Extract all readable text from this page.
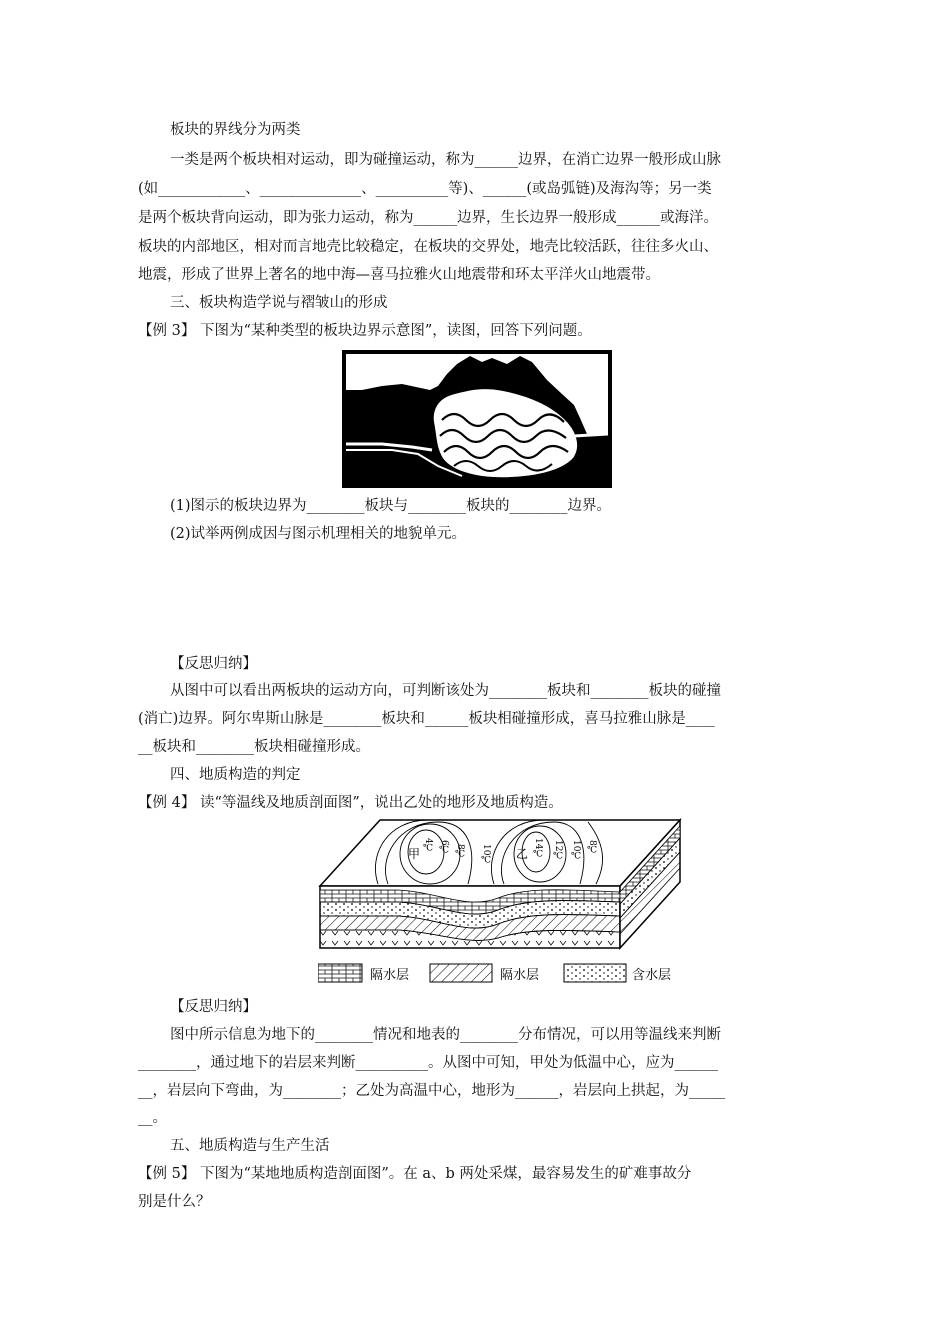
板块的界线分为两类
一类是两个板块相对运动，即为碰撞运动，称为______边界，在消亡边界一般形成山脉
(如____________、______________、__________等)、______(或岛弧链)及海沟等；另一类
是两个板块背向运动，即为张力运动，称为______边界，生长边界一般形成______或海洋。
板块的内部地区，相对而言地壳比较稳定，在板块的交界处，地壳比较活跃，往往多火山、
地震，形成了世界上著名的地中海—喜马拉雅火山地震带和环太平洋火山地震带。
三、板块构造学说与褶皱山的形成
【例 3】 下图为“某种类型的板块边界示意图”，读图，回答下列问题。
(1)图示的板块边界为________板块与________板块的________边界。
(2)试举两例成因与图示机理相关的地貌单元。
【反思归纳】
从图中可以看出两板块的运动方向，可判断该处为________板块和________板块的碰撞
(消亡)边界。阿尔卑斯山脉是________板块和______板块相碰撞形成，喜马拉雅山脉是____
__板块和________板块相碰撞形成。
四、地质构造的判定
【例 4】 读“等温线及地质剖面图”，说出乙处的地形及地质构造。
甲
4℃ 6℃ 8℃ 10℃ 乙 14℃ 12℃ 10℃ 8℃
隔水层	隔水层	含水层
【反思归纳】
图中所示信息为地下的________情况和地表的________分布情况，可以用等温线来判断
________，通过地下的岩层来判断__________。从图中可知，甲处为低温中心，应为______
__，岩层向下弯曲，为________；乙处为高温中心，地形为______，岩层向上拱起，为_____
__。
五、地质构造与生产生活
【例 5】 下图为“某地地质构造剖面图”。在 a、b 两处采煤，最容易发生的矿难事故分
别是什么？
